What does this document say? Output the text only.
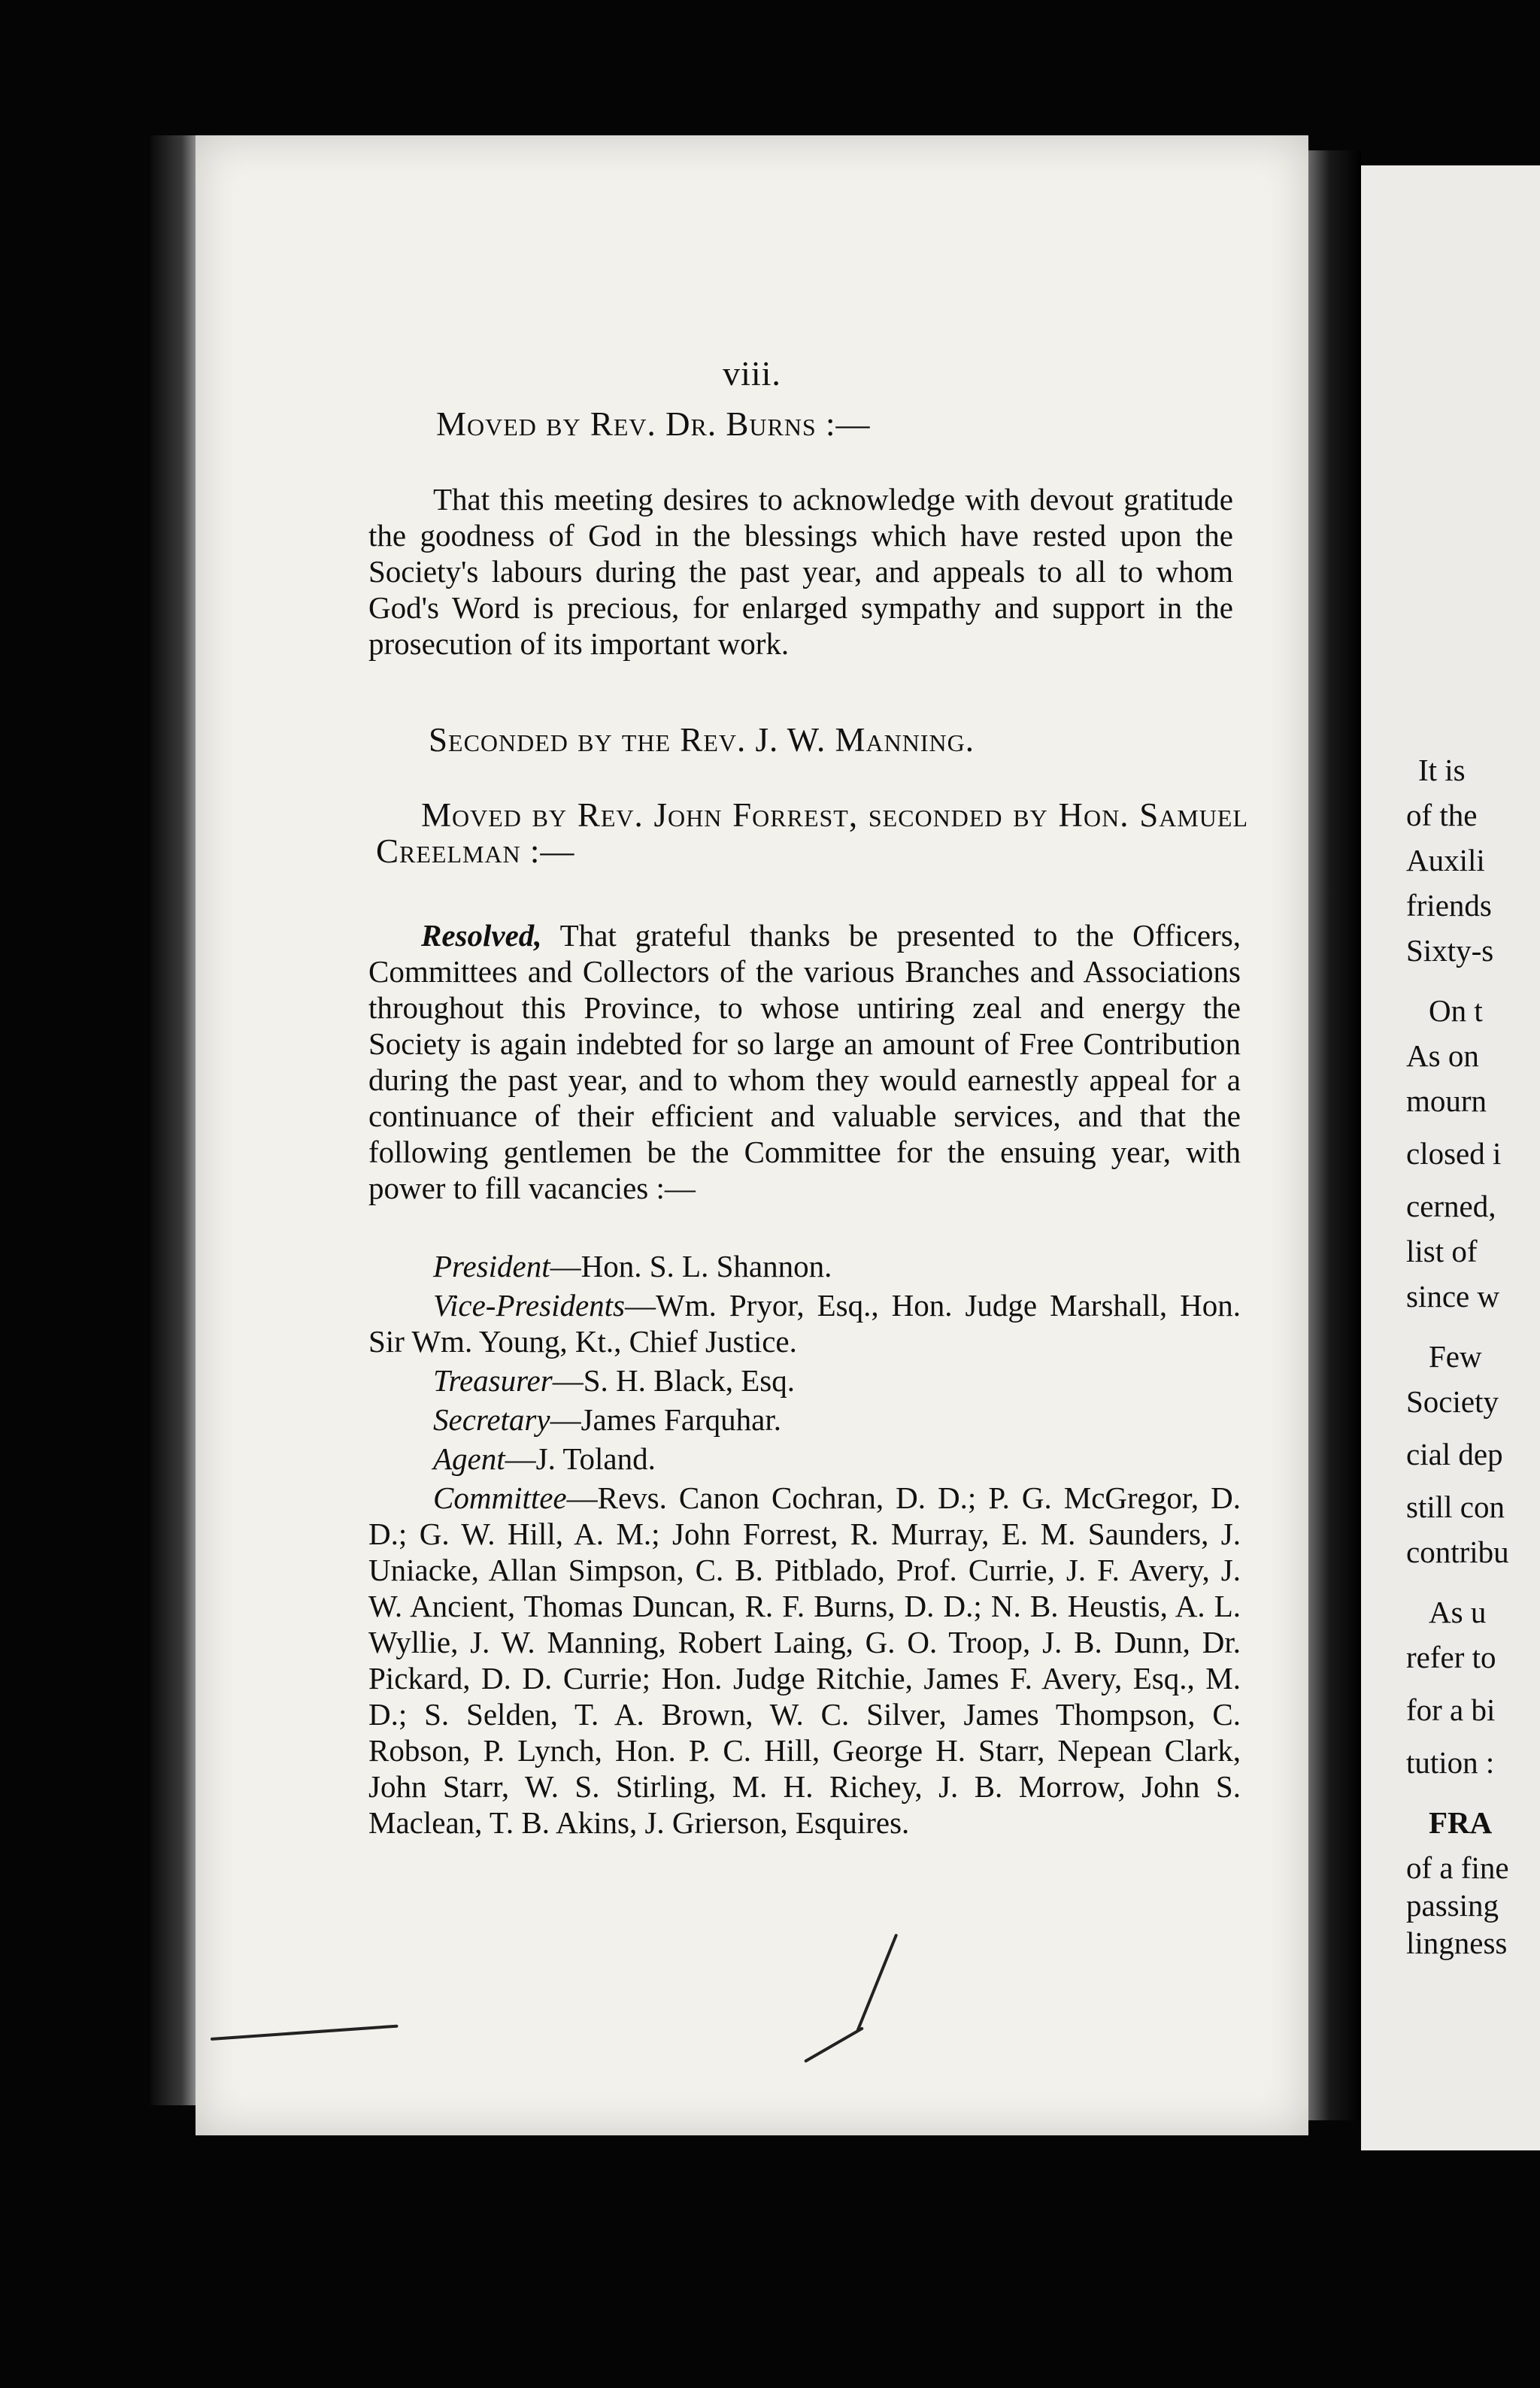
viii.
Moved by Rev. Dr. Burns :—
That this meeting desires to acknowledge with devout gratitude the goodness of God in the blessings which have rested upon the Society's labours during the past year, and appeals to all to whom God's Word is precious, for enlarged sympathy and support in the prosecution of its important work.
Seconded by the Rev. J. W. Manning.
Moved by Rev. John Forrest, seconded by Hon. Samuel Creelman :—
Resolved, That grateful thanks be presented to the Officers, Committees and Collectors of the various Branches and Associations throughout this Province, to whose untiring zeal and energy the Society is again indebted for so large an amount of Free Contribution during the past year, and to whom they would earnestly appeal for a continuance of their efficient and valuable services, and that the following gentlemen be the Committee for the ensuing year, with power to fill vacancies :—
President—Hon. S. L. Shannon.
Vice-Presidents—Wm. Pryor, Esq., Hon. Judge Marshall, Hon. Sir Wm. Young, Kt., Chief Justice.
Treasurer—S. H. Black, Esq.
Secretary—James Farquhar.
Agent—J. Toland.
Committee—Revs. Canon Cochran, D. D.; P. G. McGregor, D. D.; G. W. Hill, A. M.; John Forrest, R. Murray, E. M. Saunders, J. Uniacke, Allan Simpson, C. B. Pitblado, Prof. Currie, J. F. Avery, J. W. Ancient, Thomas Duncan, R. F. Burns, D. D.; N. B. Heustis, A. L. Wyllie, J. W. Manning, Robert Laing, G. O. Troop, J. B. Dunn, Dr. Pickard, D. D. Currie; Hon. Judge Ritchie, James F. Avery, Esq., M. D.; S. Selden, T. A. Brown, W. C. Silver, James Thompson, C. Robson, P. Lynch, Hon. P. C. Hill, George H. Starr, Nepean Clark, John Starr, W. S. Stirling, M. H. Richey, J. B. Morrow, John S. Maclean, T. B. Akins, J. Grierson, Esquires.
It is
of the
Auxili
friends
Sixty-s
On t
As on
mourn
closed i
cerned,
list of
since w
Few
Society
cial dep
still con
contribu
As u
refer to
for a bi
tution :
FRA
of a fine
passing
lingness
